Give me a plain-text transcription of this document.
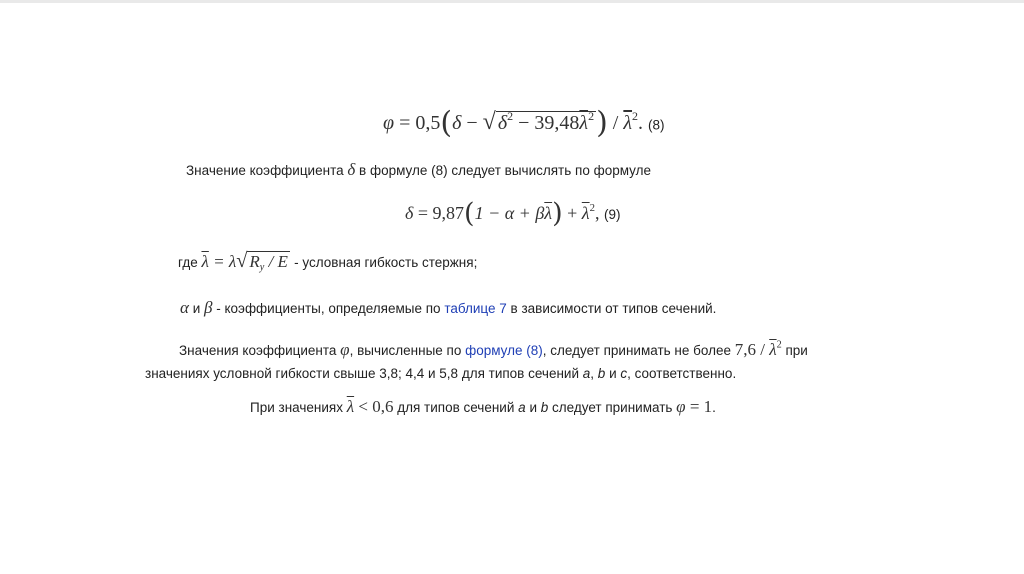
φ = 0,5(δ − √ $\delta^2 - 39,48\overline{\lambda}^2) / \overline{\lambda}^2$. (8)
Значение коэффициента δ в формуле (8) следует вычислять по формуле
$\delta = 9,87(1 - \alpha + \beta\overline{\lambda}) + \overline{\lambda}^2$, (9)
где $\overline{\lambda} = \lambda√$ $R_y$ / E - условная гибкость стержня;
α и β - коэффициенты, определяемые по таблице 7 в зависимости от типов сечений.
Значения коэффициента φ, вычисленные по формуле (8), следует принимать не более $7,6 / \overline{\lambda}^2$ при
значениях условной гибкости свыше 3,8; 4,4 и 5,8 для типов сечений a, b и c, соответственно.
При значениях $\overline{\lambda} < 0,6$ для типов сечений a и b следует принимать φ = 1.
